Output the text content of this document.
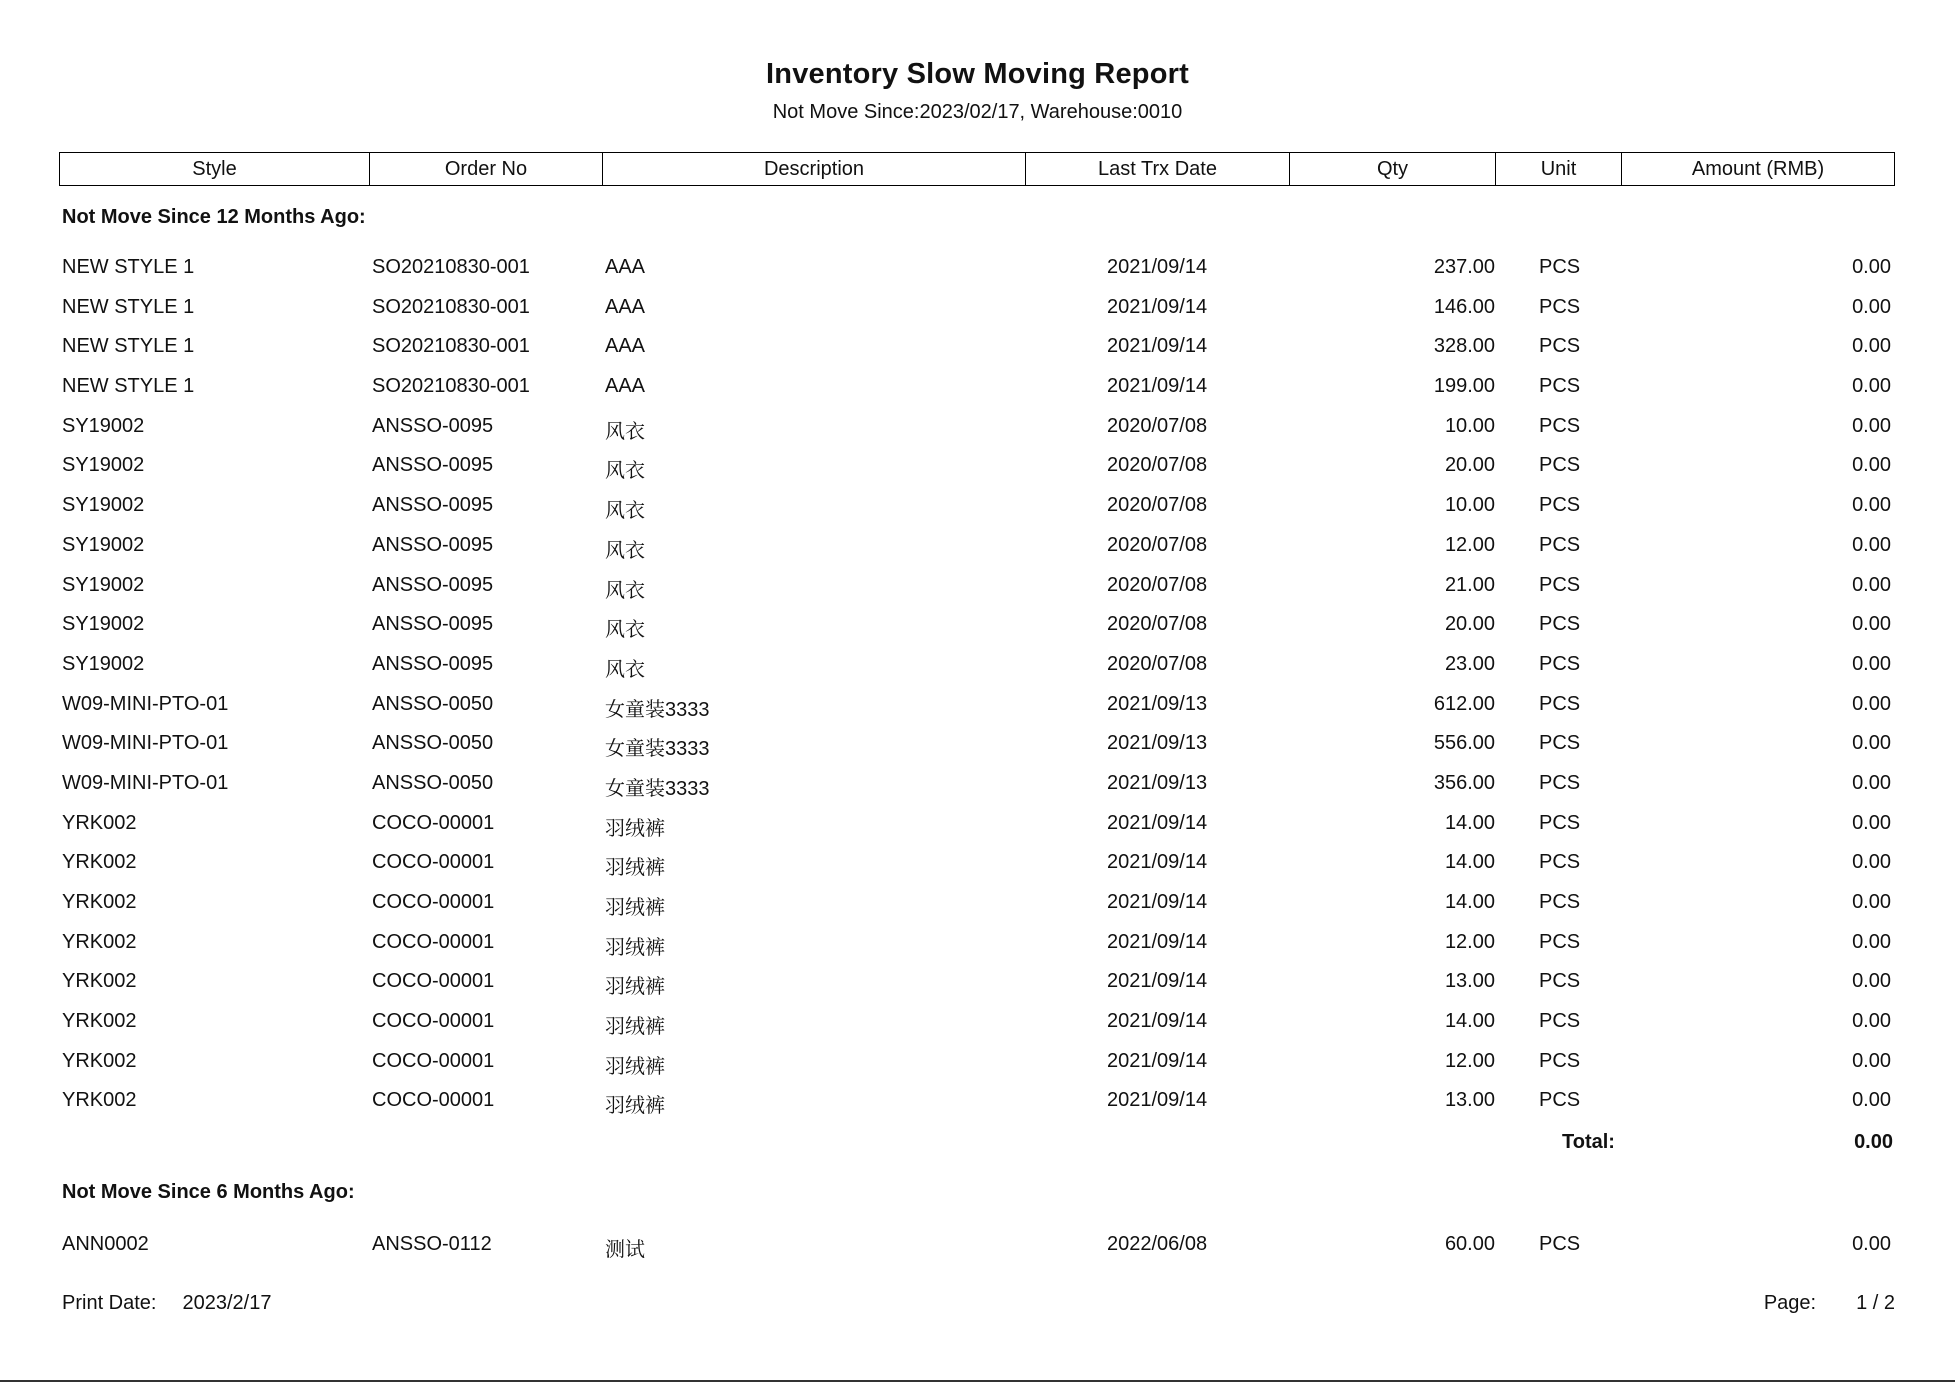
Inventory Slow Moving Report
Not Move Since:2023/02/17, Warehouse:0010
Style	Order No	Description	Last Trx Date	Qty	Unit	Amount (RMB)
Not Move Since 12 Months Ago:
NEW STYLE 1	SO20210830-001	AAA	2021/09/14	237.00 PCS	0.00
NEW STYLE 1	SO20210830-001	AAA	2021/09/14	146.00 PCS	0.00
NEW STYLE 1	SO20210830-001	AAA	2021/09/14	328.00 PCS	0.00
NEW STYLE 1	SO20210830-001	AAA	2021/09/14	199.00 PCS	0.00
SY19002	ANSSO-0095	风衣	2020/07/08	10.00 PCS	0.00
SY19002	ANSSO-0095	风衣	2020/07/08	20.00 PCS	0.00
SY19002	ANSSO-0095	风衣	2020/07/08	10.00 PCS	0.00
SY19002	ANSSO-0095	风衣	2020/07/08	12.00 PCS	0.00
SY19002	ANSSO-0095	风衣	2020/07/08	21.00 PCS	0.00
SY19002	ANSSO-0095	风衣	2020/07/08	20.00 PCS	0.00
SY19002	ANSSO-0095	风衣	2020/07/08	23.00 PCS	0.00
W09-MINI-PTO-01	ANSSO-0050	女童装3333	2021/09/13	612.00 PCS	0.00
W09-MINI-PTO-01	ANSSO-0050	女童装3333	2021/09/13	556.00 PCS	0.00
W09-MINI-PTO-01	ANSSO-0050	女童装3333	2021/09/13	356.00 PCS	0.00
YRK002	COCO-00001	羽绒裤	2021/09/14	14.00 PCS	0.00
YRK002	COCO-00001	羽绒裤	2021/09/14	14.00 PCS	0.00
YRK002	COCO-00001	羽绒裤	2021/09/14	14.00 PCS	0.00
YRK002	COCO-00001	羽绒裤	2021/09/14	12.00 PCS	0.00
YRK002	COCO-00001	羽绒裤	2021/09/14	13.00 PCS	0.00
YRK002	COCO-00001	羽绒裤	2021/09/14	14.00 PCS	0.00
YRK002	COCO-00001	羽绒裤	2021/09/14	12.00 PCS	0.00
YRK002	COCO-00001	羽绒裤	2021/09/14	13.00 PCS	0.00
Total:	0.00
Not Move Since 6 Months Ago:
ANN0002	ANSSO-0112	测试	2022/06/08	60.00 PCS	0.00
Print Date: 2023/2/17	Page: 1 / 2
